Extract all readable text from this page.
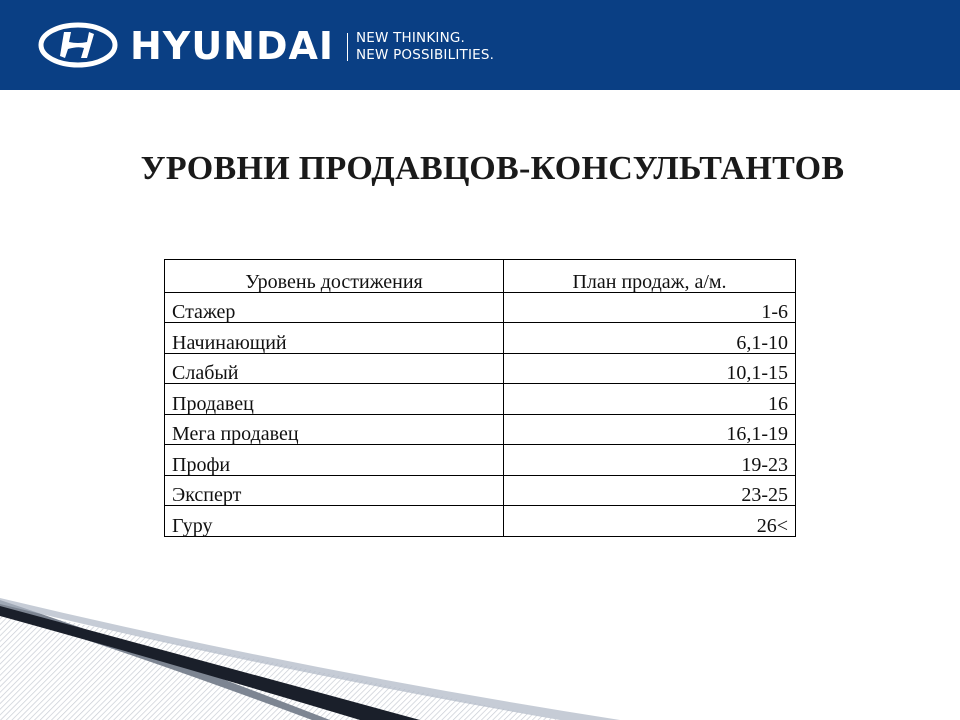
HYUNDAI NEW THINKING.
NEW POSSIBILITIES.
УРОВНИ ПРОДАВЦОВ-КОНСУЛЬТАНТОВ
Уровень достижения	План продаж, а/м.
Стажер	1-6
Начинающий	6,1-10
Слабый	10,1-15
Продавец	16
Мега продавец	16,1-19
Профи	19-23
Эксперт	23-25
Гуру	26<
